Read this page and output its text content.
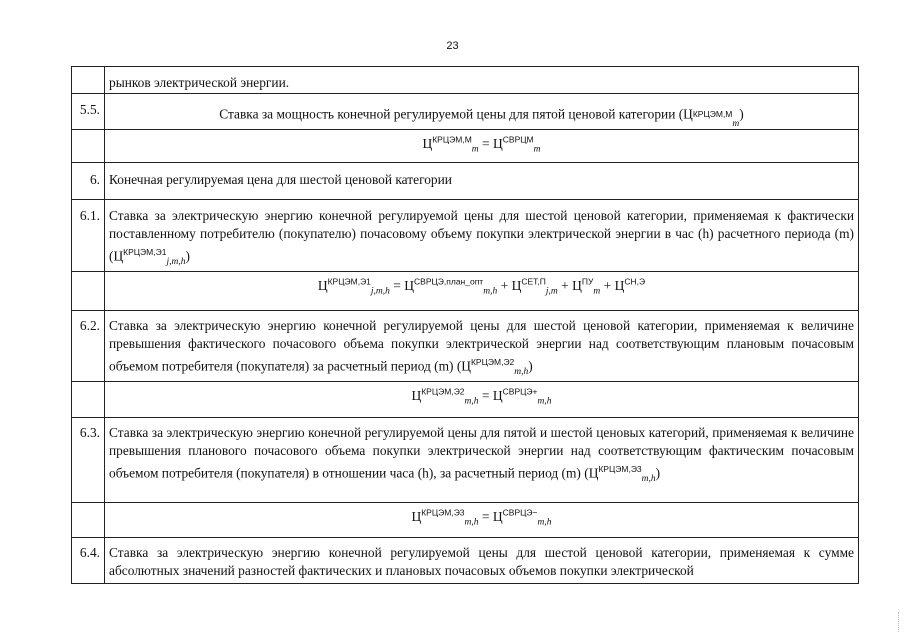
23
	рынков электрической энергии.
5.5.	Ставка за мощность конечной регулируемой цены для пятой ценовой категории $(Ц^{КРЦЭМ,М}_m)$
	$Ц^{КРЦЭМ,М}_m = Ц^{СВРЦМ}_m$
6.	Конечная регулируемая цена для шестой ценовой категории
6.1.	Ставка за электрическую энергию конечной регулируемой цены для шестой ценовой категории, применяемая к фактически поставленному потребителю (покупателю) почасовому объему покупки электрической энергии в час (h) расчетного периода (m) $(Ц^{КРЦЭМ,Э1}_{j,m,h})$
	$Ц^{КРЦЭМ,Э1}_{j,m,h} = Ц^{СВРЦЭ,план\_опт}_{m,h} + Ц^{СЕТ,П}_{j,m} + Ц^{ПУ}_m + Ц^{СН,Э}$
6.2.	Ставка за электрическую энергию конечной регулируемой цены для шестой ценовой категории, применяемая к величине превышения фактического почасового объема покупки электрической энергии над соответствующим плановым почасовым объемом потребителя (покупателя) за расчетный период (m) $(Ц^{КРЦЭМ,Э2}_{m,h})$
	$Ц^{КРЦЭМ,Э2}_{m,h} = Ц^{СВРЦЭ+}_{m,h}$
6.3.	Ставка за электрическую энергию конечной регулируемой цены для пятой и шестой ценовых категорий, применяемая к величине превышения планового почасового объема покупки электрической энергии над соответствующим фактическим почасовым объемом потребителя (покупателя) в отношении часа (h), за расчетный период (m) $(Ц^{КРЦЭМ,Э3}_{m,h})$
	$Ц^{КРЦЭМ,Э3}_{m,h} = Ц^{СВРЦЭ-}_{m,h}$
6.4.	Ставка за электрическую энергию конечной регулируемой цены для шестой ценовой категории, применяемая к сумме абсолютных значений разностей фактических и плановых почасовых объемов покупки электрической
